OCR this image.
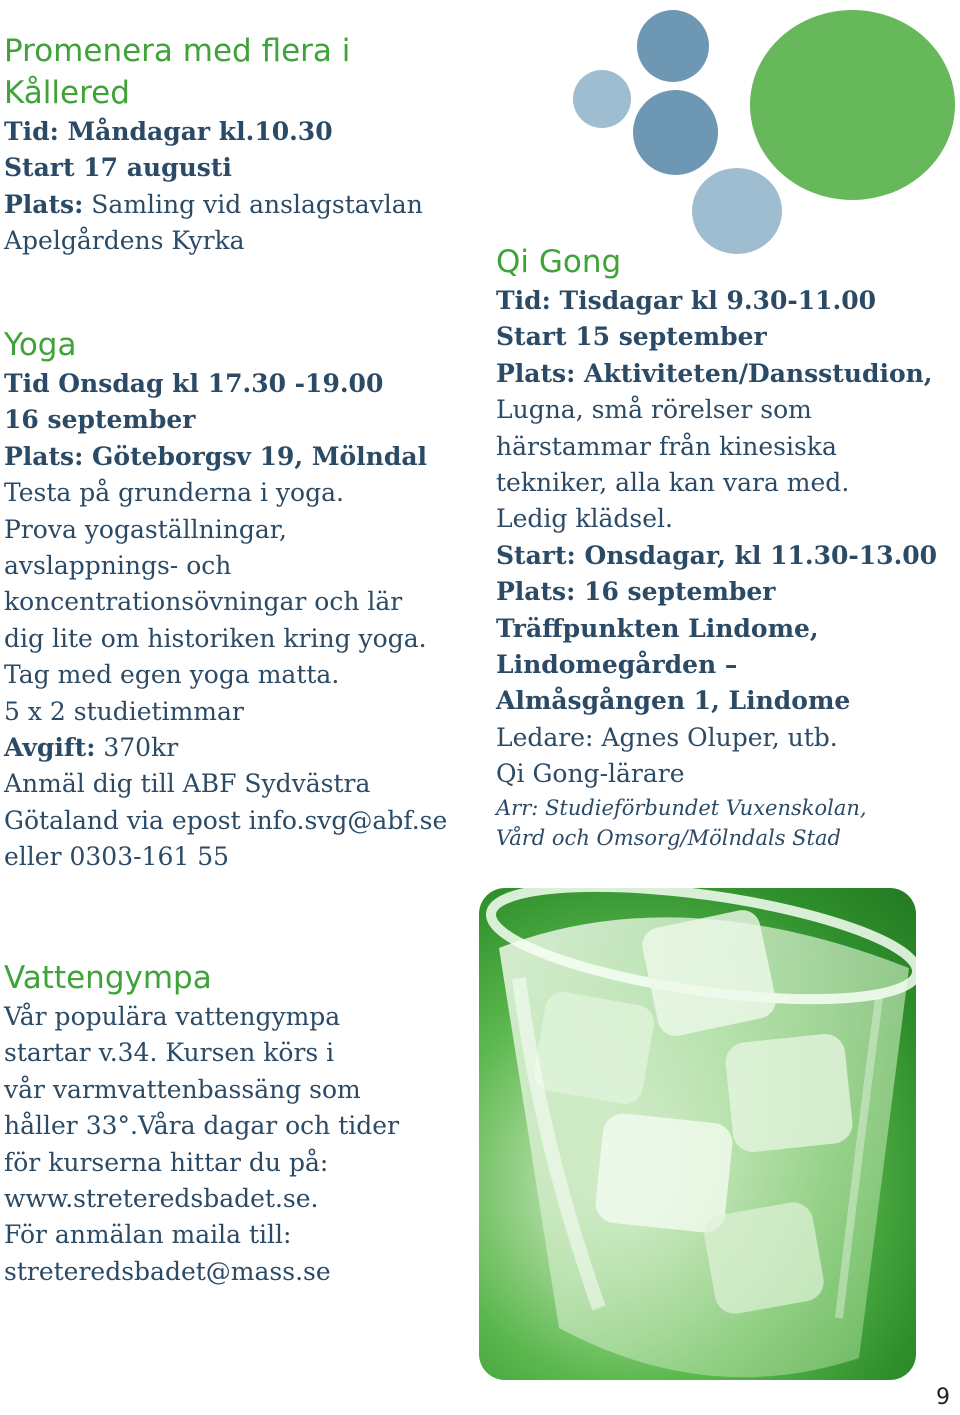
Promenera med flera i
Kållered
Tid: Måndagar kl.10.30
Start 17 augusti
Plats: Samling vid anslagstavlan
Apelgårdens Kyrka
Yoga
Tid Onsdag kl 17.30 -19.00
16 september
Plats: Göteborgsv 19, Mölndal
Testa på grunderna i yoga.
Prova yogaställningar,
avslappnings- och
koncentrationsövningar och lär
dig lite om historiken kring yoga.
Tag med egen yoga matta.
5 x 2 studietimmar
Avgift: 370kr
Anmäl dig till ABF Sydvästra
Götaland via epost info.svg@abf.se
eller 0303-161 55
Qi Gong
Tid: Tisdagar kl 9.30-11.00
Start 15 september
Plats: Aktiviteten/Dansstudion,
Lugna, små rörelser som
härstammar från kinesiska
tekniker, alla kan vara med.
Ledig klädsel.
Start: Onsdagar, kl 11.30-13.00
Plats: 16 september
Träffpunkten Lindome,
Lindomegården –
Almåsgången 1, Lindome
Ledare: Agnes Oluper, utb.
Qi Gong-lärare
Arr: Studieförbundet Vuxenskolan,
Vård och Omsorg/Mölndals Stad
Vattengympa
Vår populära vattengympa
startar v.34. Kursen körs i
vår varmvattenbassäng som
håller 33°.Våra dagar och tider
för kurserna hittar du på:
www.streteredsbadet.se.
För anmälan maila till:
streteredsbadet@mass.se
9
